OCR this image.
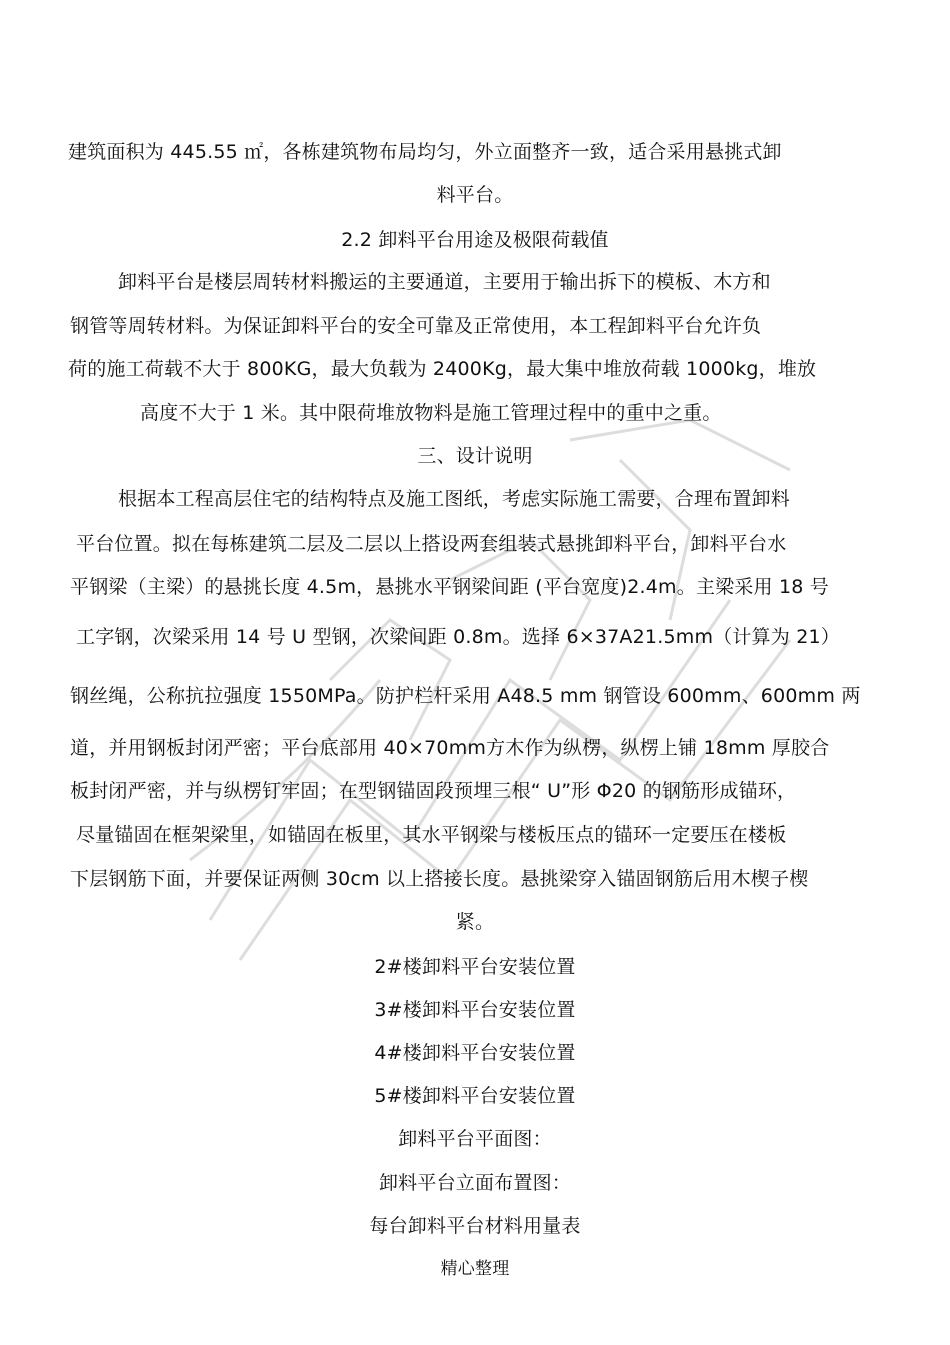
建筑面积为 445.55 ㎡，各栋建筑物布局均匀，外立面整齐一致，适合采用悬挑式卸
料平台。
2.2 卸料平台用途及极限荷载值
卸料平台是楼层周转材料搬运的主要通道，主要用于输出拆下的模板、木方和
钢管等周转材料。为保证卸料平台的安全可靠及正常使用，本工程卸料平台允许负
荷的施工荷载不大于 800KG，最大负载为 2400Kg，最大集中堆放荷载 1000kg，堆放
高度不大于 1 米。其中限荷堆放物料是施工管理过程中的重中之重。
三、设计说明
根据本工程高层住宅的结构特点及施工图纸，考虑实际施工需要，合理布置卸料
平台位置。拟在每栋建筑二层及二层以上搭设两套组装式悬挑卸料平台，卸料平台水
平钢梁（主梁）的悬挑长度 4.5m，悬挑水平钢梁间距 (平台宽度)2.4m。主梁采用 18 号
工字钢，次梁采用 14 号 U 型钢，次梁间距 0.8m。选择 6×37A21.5mm（计算为 21）
钢丝绳，公称抗拉强度 1550MPa。防护栏杆采用 A48.5 mm 钢管设 600mm、600mm 两
道，并用钢板封闭严密；平台底部用 40×70mm方木作为纵楞，纵楞上铺 18mm 厚胶合
板封闭严密，并与纵楞钉牢固；在型钢锚固段预埋三根“ U”形 Φ20 的钢筋形成锚环，
尽量锚固在框架梁里，如锚固在板里，其水平钢梁与楼板压点的锚环一定要压在楼板
下层钢筋下面，并要保证两侧 30cm 以上搭接长度。悬挑梁穿入锚固钢筋后用木楔子楔
紧。
2#楼卸料平台安装位置
3#楼卸料平台安装位置
4#楼卸料平台安装位置
5#楼卸料平台安装位置
卸料平台平面图：
卸料平台立面布置图：
每台卸料平台材料用量表
精心整理
